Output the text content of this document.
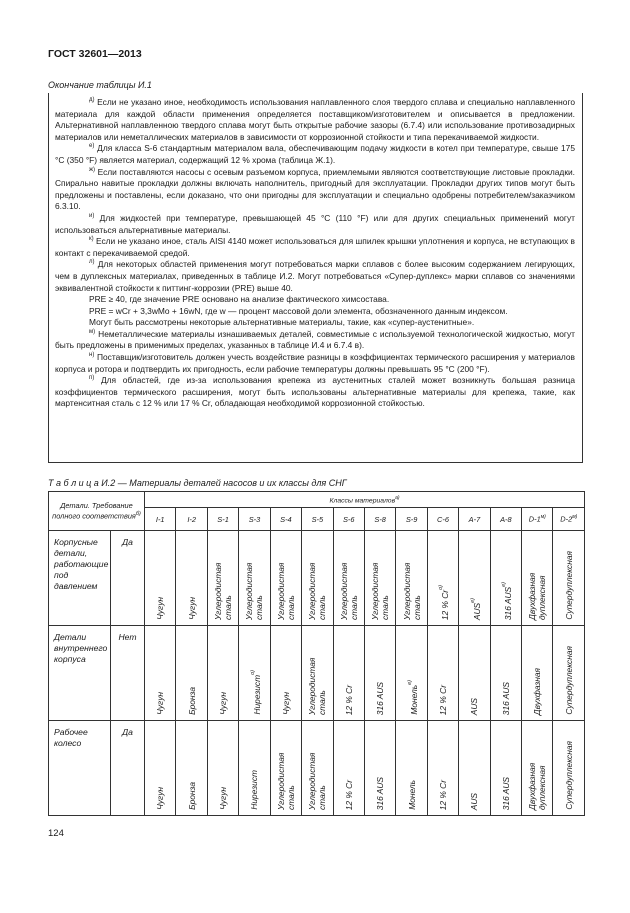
ГОСТ 32601—2013
Окончание таблицы И.1

$^{д)}$ Если не указано иное, необходимость использования наплавленного слоя твердого сплава и специально наплавленного материала для каждой области применения определяется поставщиком/изготовителем и описывается в предложении. Альтернативной наплавленною твердого сплава могут быть открытые рабочие зазоры (6.7.4) или использование противозадирных материалов или неметаллических материалов в зависимости от коррозионной стойкости и типа перекачиваемой жидкости.

$^{е)}$ Для класса S-6 стандартным материалом вала, обеспечивающим подачу жидкости в котел при температуре, свыше 175 °С (350 °F) является материал, содержащий 12 % хрома (таблица Ж.1).

$^{ж)}$ Если поставляются насосы с осевым разъемом корпуса, приемлемыми являются соответствующие листовые прокладки. Спирально навитые прокладки должны включать наполнитель, пригодный для эксплуатации. Прокладки других типов могут быть предложены и поставлены, если доказано, что они пригодны для эксплуатации и специально одобрены потребителем/заказчиком 6.3.10.

$^{и)}$ Для жидкостей при температуре, превышающей 45 °С (110 °F) или для других специальных применений могут использоваться альтернативные материалы.

$^{к)}$ Если не указано иное, сталь AISI 4140 может использоваться для шпилек крышки уплотнения и корпуса, не вступающих в контакт с перекачиваемой средой.

$^{л)}$ Для некоторых областей применения могут потребоваться марки сплавов с более высоким содержанием легирующих, чем в дуплексных материалах, приведенных в таблице И.2. Могут потребоваться «Супер-дуплекс» марки сплавов со значениями эквивалентной стойкости к питтинг-коррозии (PRE) выше 40.

PRE ≥ 40, где значение PRE основано на анализе фактического химсостава.

PRE = wCr + 3,3wMo + 16wN, где w — процент массовой доли элемента, обозначенного данным индексом.

Могут быть рассмотрены некоторые альтернативные материалы, такие, как «супер-аустенитные».

$^{м)}$ Неметаллические материалы изнашиваемых деталей, совместимые с используемой технологической жидкостью, могут быть предложены в применимых пределах, указанных в таблице И.4 и 6.7.4 в).

$^{н)}$ Поставщик/изготовитель должен учесть воздействие разницы в коэффициентах термического расширения у материалов корпуса и ротора и подтвердить их пригодность, если рабочие температуры должны превышать 95 °С (200 °F).

$^{п)}$ Для областей, где из-за использования крепежа из аустенитных сталей может возникнуть большая разница коэффициентов термического расширения, могут быть использованы альтернативные материалы для крепежа, такие, как мартенситная сталь с 12 % или 17 % Cr, обладающая необходимой коррозионной стойкостью.

Т а б л и ц а И.2 — Материалы деталей насосов и их классы для СНГ
Детали. Требование полного соответствия$^{б)}$		Классы материалов$^{а)}$
		I-1	I-2	S-1	S-3	S-4	S-5	S-6	S-8	S-9	C-6	A-7	A-8	$D-1^{м)}$	$D-2^{м)}$
Корпусные детали, работающие под давлением	Да	Чугун	Чугун	Углеродистая сталь	Углеродистая сталь	Углеродистая сталь	Углеродистая сталь	Углеродистая сталь	Углеродистая сталь	Углеродистая сталь	12 % $Cr^{о)}$	$AUS^{е)}$	316 $AUS^{е)}$	Двухфазная дуплексная	Супердуплексная
Детали внутреннего корпуса	Нет	Чугун	Бронза	Чугун	Нирезист$^{о)}$	Чугун	Углеродистая сталь	12 % Cr	316 AUS	Монель$^{е)}$	12 % Cr	AUS	316 AUS	Двухфазная	Супердуплексная
Рабочее колесо	Да	Чугун	Бронза	Чугун	Нирезист	Углеродистая сталь	Углеродистая сталь	12 % Cr	316 AUS	Монель	12 % Cr	AUS	316 AUS	Двухфазная дуплексная	Супердуплексная
124
